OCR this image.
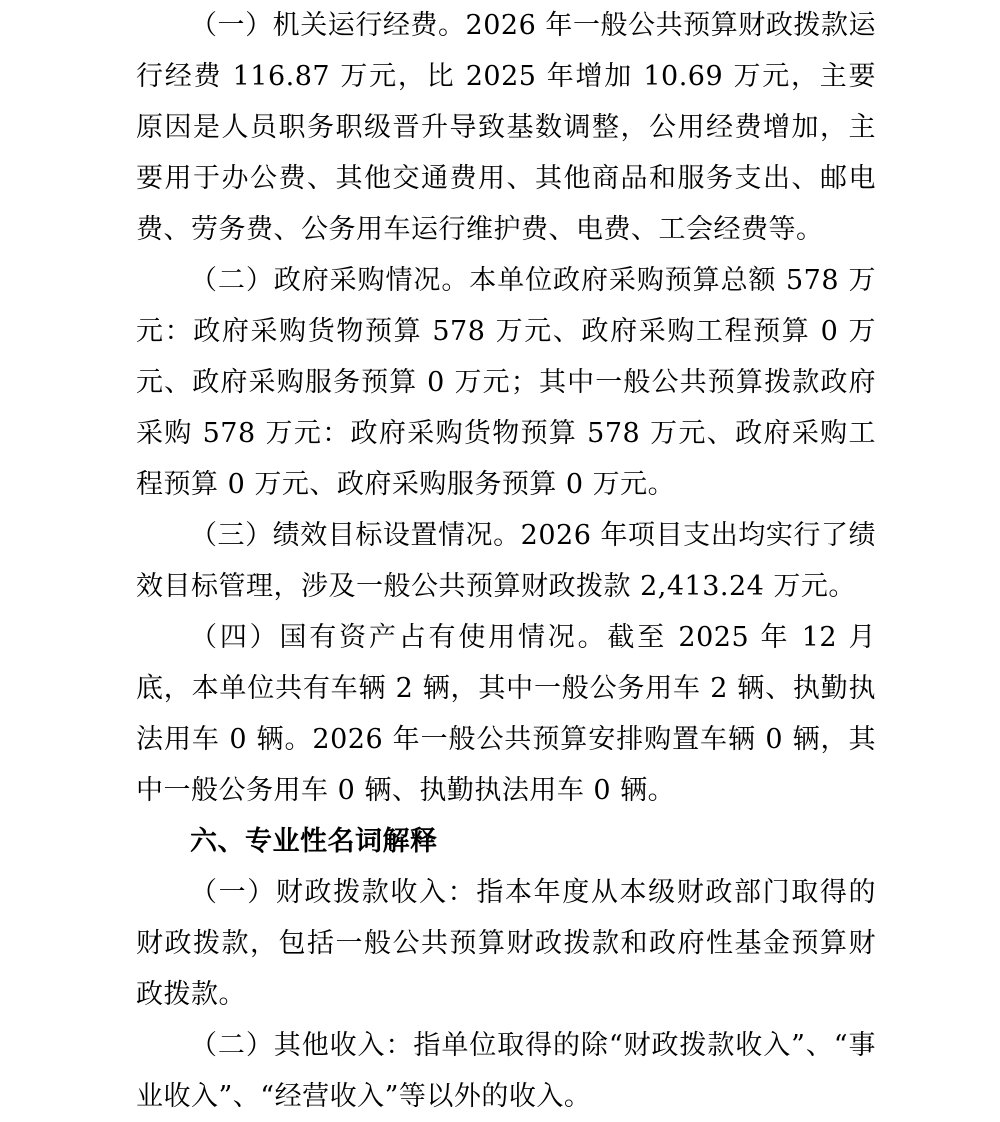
（一）机关运行经费。2026 年一般公共预算财政拨款运行经费 116.87 万元，比 2025 年增加 10.69 万元，主要原因是人员职务职级晋升导致基数调整，公用经费增加，主要用于办公费、其他交通费用、其他商品和服务支出、邮电费、劳务费、公务用车运行维护费、电费、工会经费等。

（二）政府采购情况。本单位政府采购预算总额 578 万元：政府采购货物预算 578 万元、政府采购工程预算 0 万元、政府采购服务预算 0 万元；其中一般公共预算拨款政府采购 578 万元：政府采购货物预算 578 万元、政府采购工程预算 0 万元、政府采购服务预算 0 万元。

（三）绩效目标设置情况。2026 年项目支出均实行了绩效目标管理，涉及一般公共预算财政拨款 2,413.24 万元。

（四）国有资产占有使用情况。截至 2025 年 12 月底，本单位共有车辆 2 辆，其中一般公务用车 2 辆、执勤执法用车 0 辆。2026 年一般公共预算安排购置车辆 0 辆，其中一般公务用车 0 辆、执勤执法用车 0 辆。

六、专业性名词解释

（一）财政拨款收入：指本年度从本级财政部门取得的财政拨款，包括一般公共预算财政拨款和政府性基金预算财政拨款。

（二）其他收入：指单位取得的除“财政拨款收入”、“事业收入”、“经营收入”等以外的收入。
